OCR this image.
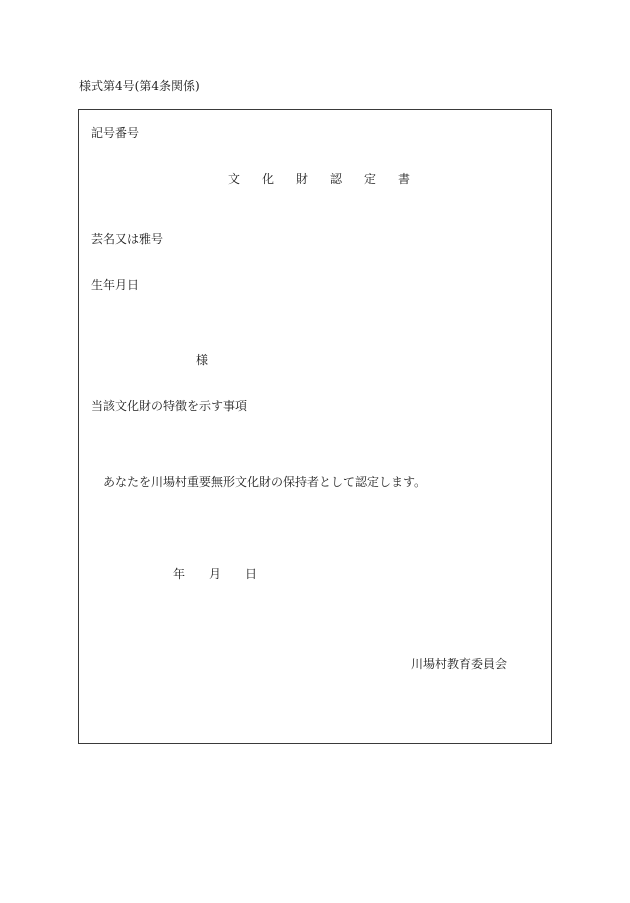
様式第4号(第4条関係)
記号番号
文化財認定書
芸名又は雅号
生年月日
様
当該文化財の特徴を示す事項
あなたを川場村重要無形文化財の保持者として認定します。
年 月 日
川場村教育委員会
